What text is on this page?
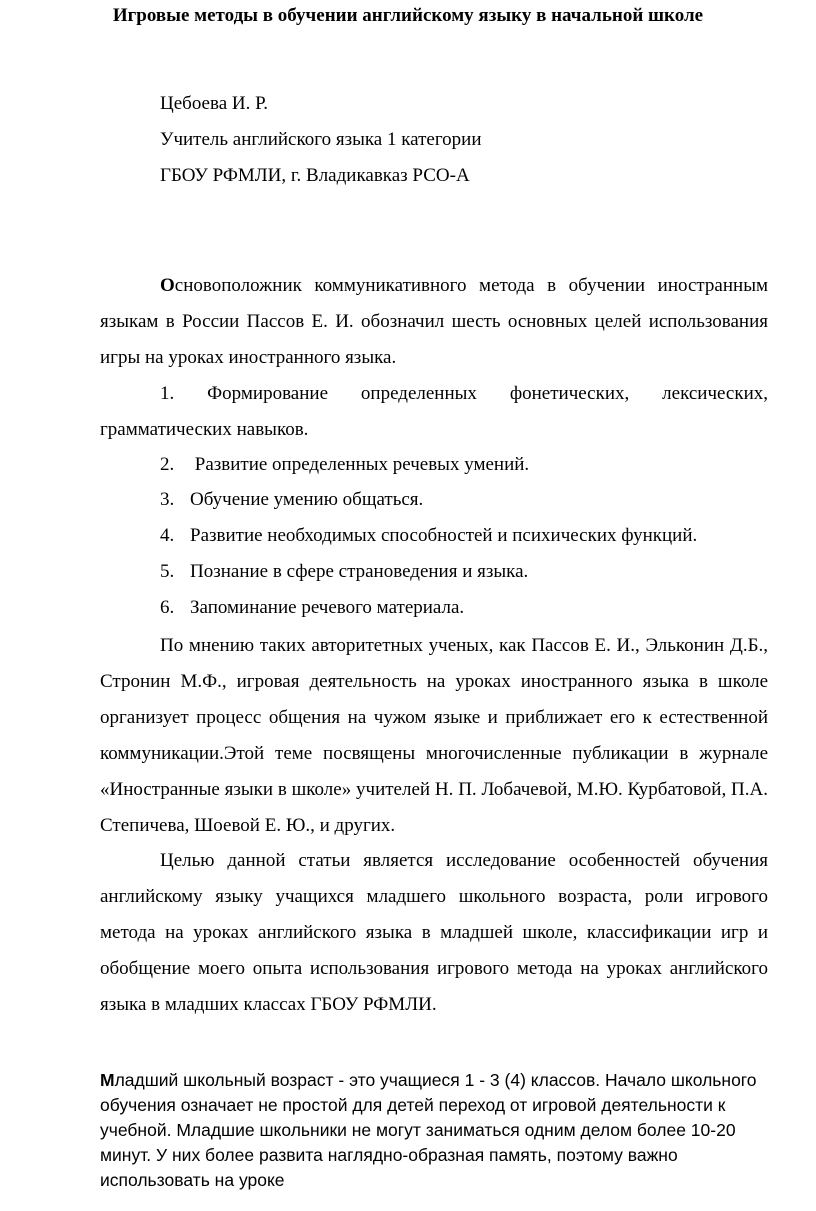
Игровые методы в обучении английскому языку в начальной школе
Цебоева И. Р.
Учитель английского языка 1 категории
ГБОУ РФМЛИ, г. Владикавказ РСО-А

Основоположник коммуникативного метода в обучении иностранным языкам в России Пассов Е. И. обозначил шесть основных целей использования игры на уроках иностранного языка.

1. Формирование определенных фонетических, лексических, грамматических навыков.

2. Развитие определенных речевых умений.
3. Обучение умению общаться.
4. Развитие необходимых способностей и психических функций.
5. Познание в сфере страноведения и языка.
6. Запоминание речевого материала.

По мнению таких авторитетных ученых, как Пассов Е. И., Эльконин Д.Б., Стронин М.Ф., игровая деятельность на уроках иностранного языка в школе организует процесс общения на чужом языке и приближает его к естественной коммуникации.Этой теме посвящены многочисленные публикации в журнале «Иностранные языки в школе» учителей Н. П. Лобачевой, М.Ю. Курбатовой, П.А. Степичева, Шоевой Е. Ю., и других.

Целью данной статьи является исследование особенностей обучения английскому языку учащихся младшего школьного возраста, роли игрового метода на уроках английского языка в младшей школе, классификации игр и обобщение моего опыта использования игрового метода на уроках английского языка в младших классах ГБОУ РФМЛИ.

Младший школьный возраст - это учащиеся 1 - 3 (4) классов. Начало школьного обучения означает не простой для детей переход от игровой деятельности к учебной. Младшие школьники не могут заниматься одним делом более 10-20 минут. У них более развита наглядно-образная память, поэтому важно использовать на уроке
